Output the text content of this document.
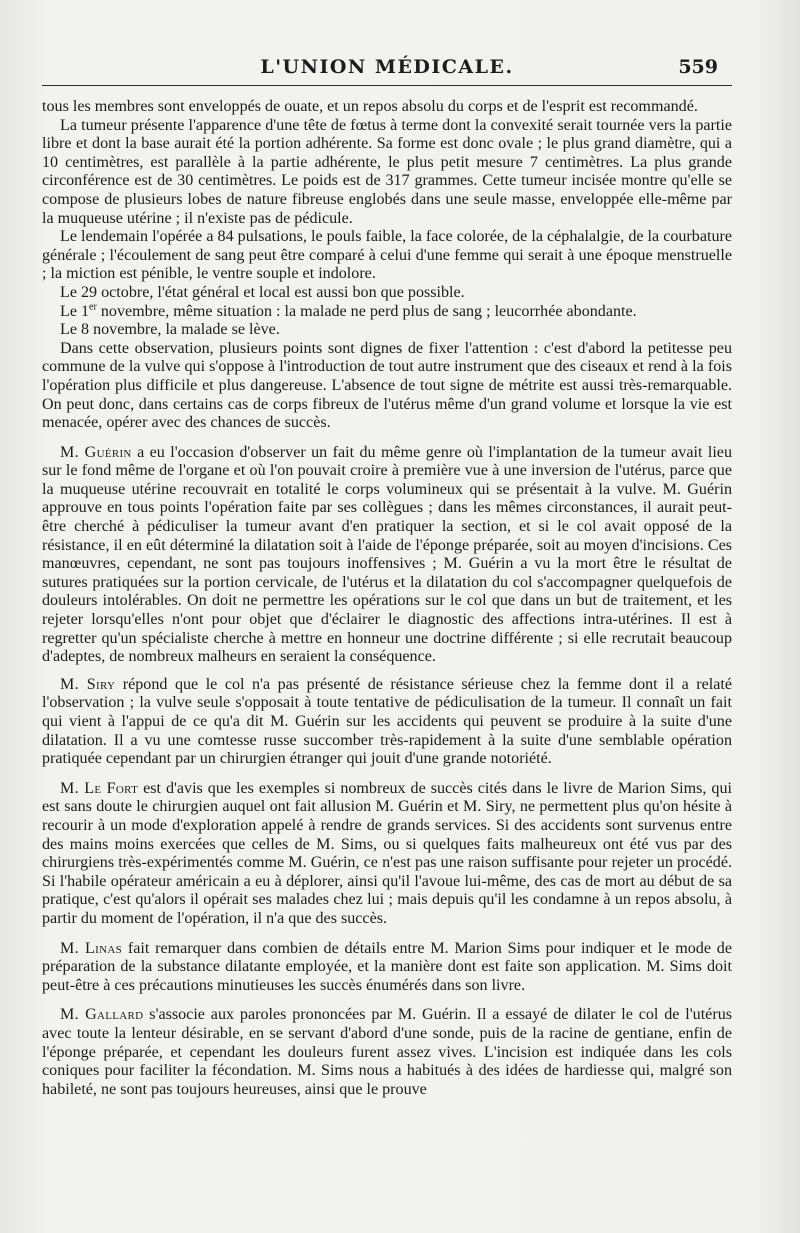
L'UNION MÉDICALE.	559

tous les membres sont enveloppés de ouate, et un repos absolu du corps et de l'esprit est recommandé.

La tumeur présente l'apparence d'une tête de fœtus à terme dont la convexité serait tournée vers la partie libre et dont la base aurait été la portion adhérente. Sa forme est donc ovale ; le plus grand diamètre, qui a 10 centimètres, est parallèle à la partie adhérente, le plus petit mesure 7 centimètres. La plus grande circonférence est de 30 centimètres. Le poids est de 317 grammes. Cette tumeur incisée montre qu'elle se compose de plusieurs lobes de nature fibreuse englobés dans une seule masse, enveloppée elle-même par la muqueuse utérine ; il n'existe pas de pédicule.

Le lendemain l'opérée a 84 pulsations, le pouls faible, la face colorée, de la céphalalgie, de la courbature générale ; l'écoulement de sang peut être comparé à celui d'une femme qui serait à une époque menstruelle ; la miction est pénible, le ventre souple et indolore.

Le 29 octobre, l'état général et local est aussi bon que possible.

Le 1er novembre, même situation : la malade ne perd plus de sang ; leucorrhée abondante.

Le 8 novembre, la malade se lève.

Dans cette observation, plusieurs points sont dignes de fixer l'attention : c'est d'abord la petitesse peu commune de la vulve qui s'oppose à l'introduction de tout autre instrument que des ciseaux et rend à la fois l'opération plus difficile et plus dangereuse. L'absence de tout signe de métrite est aussi très-remarquable. On peut donc, dans certains cas de corps fibreux de l'utérus même d'un grand volume et lorsque la vie est menacée, opérer avec des chances de succès.

M. Guérin a eu l'occasion d'observer un fait du même genre où l'implantation de la tumeur avait lieu sur le fond même de l'organe et où l'on pouvait croire à première vue à une inversion de l'utérus, parce que la muqueuse utérine recouvrait en totalité le corps volumineux qui se présentait à la vulve. M. Guérin approuve en tous points l'opération faite par ses collègues ; dans les mêmes circonstances, il aurait peut-être cherché à pédiculiser la tumeur avant d'en pratiquer la section, et si le col avait opposé de la résistance, il en eût déterminé la dilatation soit à l'aide de l'éponge préparée, soit au moyen d'incisions. Ces manœuvres, cependant, ne sont pas toujours inoffensives ; M. Guérin a vu la mort être le résultat de sutures pratiquées sur la portion cervicale, de l'utérus et la dilatation du col s'accompagner quelquefois de douleurs intolérables. On doit ne permettre les opérations sur le col que dans un but de traitement, et les rejeter lorsqu'elles n'ont pour objet que d'éclairer le diagnostic des affections intra-utérines. Il est à regretter qu'un spécialiste cherche à mettre en honneur une doctrine différente ; si elle recrutait beaucoup d'adeptes, de nombreux malheurs en seraient la conséquence.

M. Siry répond que le col n'a pas présenté de résistance sérieuse chez la femme dont il a relaté l'observation ; la vulve seule s'opposait à toute tentative de pédiculisation de la tumeur. Il connaît un fait qui vient à l'appui de ce qu'a dit M. Guérin sur les accidents qui peuvent se produire à la suite d'une dilatation. Il a vu une comtesse russe succomber très-rapidement à la suite d'une semblable opération pratiquée cependant par un chirurgien étranger qui jouit d'une grande notoriété.

M. Le Fort est d'avis que les exemples si nombreux de succès cités dans le livre de Marion Sims, qui est sans doute le chirurgien auquel ont fait allusion M. Guérin et M. Siry, ne permettent plus qu'on hésite à recourir à un mode d'exploration appelé à rendre de grands services. Si des accidents sont survenus entre des mains moins exercées que celles de M. Sims, ou si quelques faits malheureux ont été vus par des chirurgiens très-expérimentés comme M. Guérin, ce n'est pas une raison suffisante pour rejeter un procédé. Si l'habile opérateur américain a eu à déplorer, ainsi qu'il l'avoue lui-même, des cas de mort au début de sa pratique, c'est qu'alors il opérait ses malades chez lui ; mais depuis qu'il les condamne à un repos absolu, à partir du moment de l'opération, il n'a que des succès.

M. Linas fait remarquer dans combien de détails entre M. Marion Sims pour indiquer et le mode de préparation de la substance dilatante employée, et la manière dont est faite son application. M. Sims doit peut-être à ces précautions minutieuses les succès énumérés dans son livre.

M. Gallard s'associe aux paroles prononcées par M. Guérin. Il a essayé de dilater le col de l'utérus avec toute la lenteur désirable, en se servant d'abord d'une sonde, puis de la racine de gentiane, enfin de l'éponge préparée, et cependant les douleurs furent assez vives. L'incision est indiquée dans les cols coniques pour faciliter la fécondation. M. Sims nous a habitués à des idées de hardiesse qui, malgré son habileté, ne sont pas toujours heureuses, ainsi que le prouve
